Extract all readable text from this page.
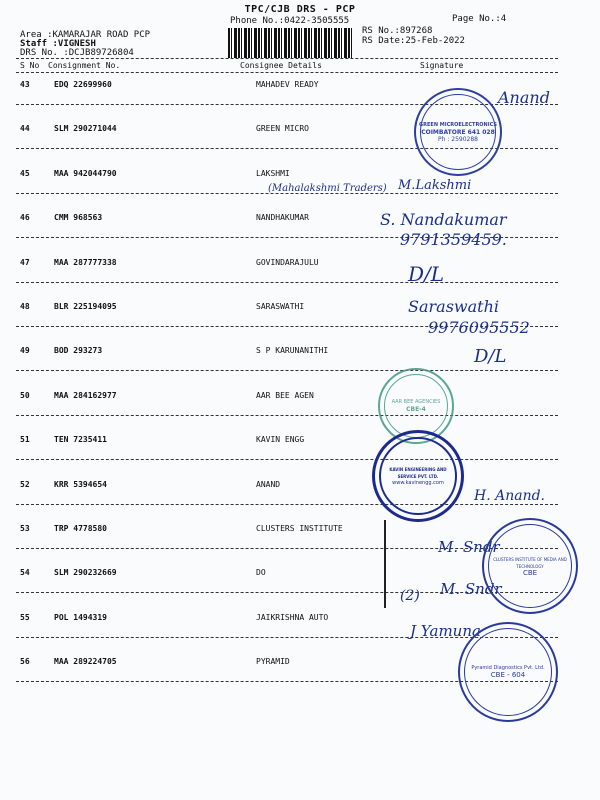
TPC/CJB DRS - PCP
Phone No.:0422-3505555	Page No.:4
Area :KAMARAJAR ROAD PCP
Staff :VIGNESH
DRS No. :DCJB89726804
RS No.:897268
RS Date:25-Feb-2022
S No Consignment No.	Consignee Details	Signature
43	EDQ 22699960	MAHADEV READY
44	SLM 290271044	GREEN MICRO
45	MAA 942044790	LAKSHMI
46	CMM 968563	NANDHAKUMAR
47	MAA 287777338	GOVINDARAJULU
48	BLR 225194095	SARASWATHI
49	BOD 293273	S P KARUNANITHI
50	MAA 284162977	AAR BEE AGEN
51	TEN 7235411	KAVIN ENGG
52	KRR 5394654	ANAND
53	TRP 4778580	CLUSTERS INSTITUTE
54	SLM 290232669	DO
55	POL 1494319	JAIKRISHNA AUTO
56	MAA 289224705	PYRAMID
Anand
(Mahalakshmi Traders) M.Lakshmi
S. Nandakumar
9791359459.
D/L
Saraswathi
9976095552
D/L
H. Anand.
M. Sndr
(2) M. Sndr
J Yamuna
GREEN MICROELECTRONICS
COIMBATORE 641 028
Ph : 2590288
AAR BEE AGENCIES
CBE-4
KAVIN ENGINEERING AND SERVICE PVT. LTD.
www.kavinengg.com
CLUSTERS INSTITUTE OF MEDIA AND TECHNOLOGY
CBE
Pyramid Diagnostics Pvt. Ltd.
CBE - 604
